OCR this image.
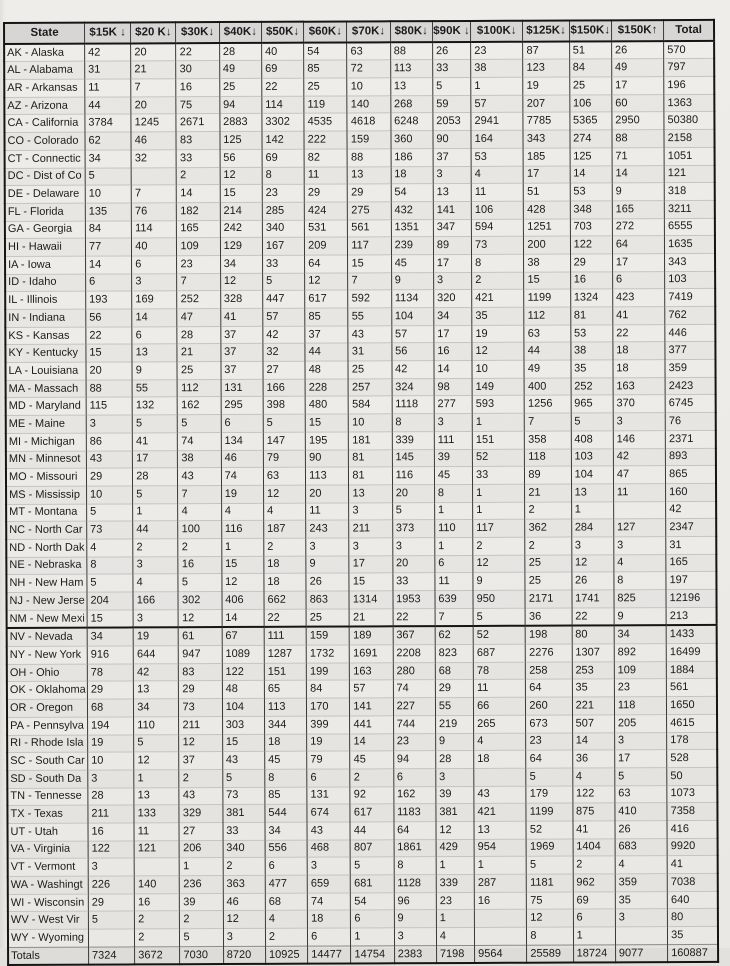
State	$15K ↓	$20 K↓	$30K↓	$40K↓	$50K↓	$60K↓	$70K↓	$80K↓	$90K ↓	$100K↓	$125K↓	$150K↓	$150K↑	Total
AK - Alaska	42	20	22	28	40	54	63	88	26	23	87	51	26	570
AL - Alabama	31	21	30	49	69	85	72	113	33	38	123	84	49	797
AR - Arkansas	11	7	16	25	22	25	10	13	5	1	19	25	17	196
AZ - Arizona	44	20	75	94	114	119	140	268	59	57	207	106	60	1363
CA - California	3784	1245	2671	2883	3302	4535	4618	6248	2053	2941	7785	5365	2950	50380
CO - Colorado	62	46	83	125	142	222	159	360	90	164	343	274	88	2158
CT - Connectic	34	32	33	56	69	82	88	186	37	53	185	125	71	1051
DC - Dist of Co	5		2	12	8	11	13	18	3	4	17	14	14	121
DE - Delaware	10	7	14	15	23	29	29	54	13	11	51	53	9	318
FL - Florida	135	76	182	214	285	424	275	432	141	106	428	348	165	3211
GA - Georgia	84	114	165	242	340	531	561	1351	347	594	1251	703	272	6555
HI - Hawaii	77	40	109	129	167	209	117	239	89	73	200	122	64	1635
IA - Iowa	14	6	23	34	33	64	15	45	17	8	38	29	17	343
ID - Idaho	6	3	7	12	5	12	7	9	3	2	15	16	6	103
IL - Illinois	193	169	252	328	447	617	592	1134	320	421	1199	1324	423	7419
IN - Indiana	56	14	47	41	57	85	55	104	34	35	112	81	41	762
KS - Kansas	22	6	28	37	42	37	43	57	17	19	63	53	22	446
KY - Kentucky	15	13	21	37	32	44	31	56	16	12	44	38	18	377
LA - Louisiana	20	9	25	37	27	48	25	42	14	10	49	35	18	359
MA - Massach	88	55	112	131	166	228	257	324	98	149	400	252	163	2423
MD - Maryland	115	132	162	295	398	480	584	1118	277	593	1256	965	370	6745
ME - Maine	3	5	5	6	5	15	10	8	3	1	7	5	3	76
MI - Michigan	86	41	74	134	147	195	181	339	111	151	358	408	146	2371
MN - Minnesot	43	17	38	46	79	90	81	145	39	52	118	103	42	893
MO - Missouri	29	28	43	74	63	113	81	116	45	33	89	104	47	865
MS - Mississip	10	5	7	19	12	20	13	20	8	1	21	13	11	160
MT - Montana	5	1	4	4	4	11	3	5	1	1	2	1		42
NC - North Car	73	44	100	116	187	243	211	373	110	117	362	284	127	2347
ND - North Dak	4	2	2	1	2	3	3	3	1	2	2	3	3	31
NE - Nebraska	8	3	16	15	18	9	17	20	6	12	25	12	4	165
NH - New Ham	5	4	5	12	18	26	15	33	11	9	25	26	8	197
NJ - New Jerse	204	166	302	406	662	863	1314	1953	639	950	2171	1741	825	12196
NM - New Mexi	15	3	12	14	22	25	21	22	7	5	36	22	9	213
NV - Nevada	34	19	61	67	111	159	189	367	62	52	198	80	34	1433
NY - New York	916	644	947	1089	1287	1732	1691	2208	823	687	2276	1307	892	16499
OH - Ohio	78	42	83	122	151	199	163	280	68	78	258	253	109	1884
OK - Oklahoma	29	13	29	48	65	84	57	74	29	11	64	35	23	561
OR - Oregon	68	34	73	104	113	170	141	227	55	66	260	221	118	1650
PA - Pennsylva	194	110	211	303	344	399	441	744	219	265	673	507	205	4615
RI - Rhode Isla	19	5	12	15	18	19	14	23	9	4	23	14	3	178
SC - South Car	10	12	37	43	45	79	45	94	28	18	64	36	17	528
SD - South Da	3	1	2	5	8	6	2	6	3		5	4	5	50
TN - Tennesse	28	13	43	73	85	131	92	162	39	43	179	122	63	1073
TX - Texas	211	133	329	381	544	674	617	1183	381	421	1199	875	410	7358
UT - Utah	16	11	27	33	34	43	44	64	12	13	52	41	26	416
VA - Virginia	122	121	206	340	556	468	807	1861	429	954	1969	1404	683	9920
VT - Vermont	3		1	2	6	3	5	8	1	1	5	2	4	41
WA - Washingt	226	140	236	363	477	659	681	1128	339	287	1181	962	359	7038
WI - Wisconsin	29	16	39	46	68	74	54	96	23	16	75	69	35	640
WV - West Vir	5	2	2	12	4	18	6	9	1		12	6	3	80
WY - Wyoming		2	5	3	2	6	1	3	4		8	1		35
Totals	7324	3672	7030	8720	10925	14477	14754	2383	7198	9564	25589	18724	9077	160887
